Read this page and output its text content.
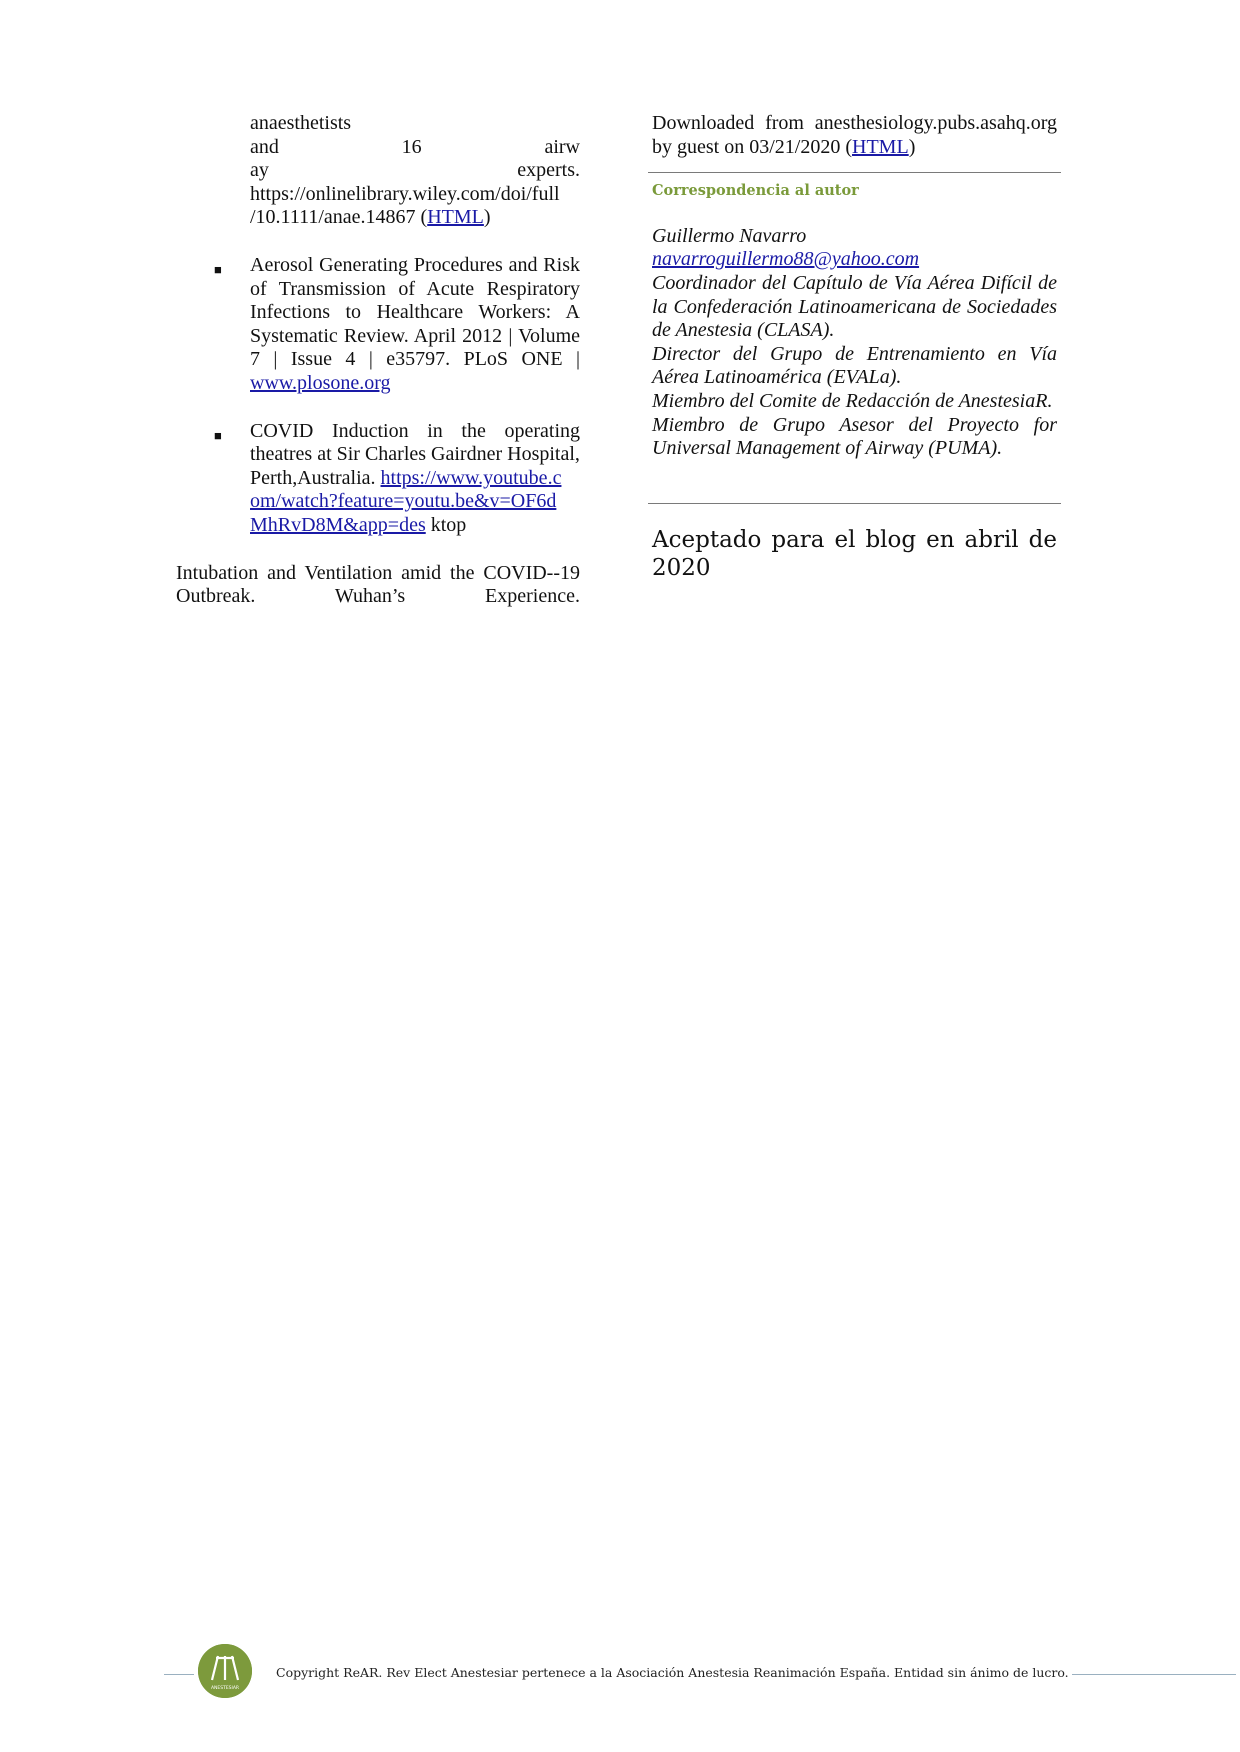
anaesthetists
and 16 airw
ay experts.
https://onlinelibrary.wiley.com/doi/full
/10.1111/anae.14867 (HTML)
■ Aerosol Generating Procedures and Risk of Transmission of Acute Respiratory Infections to Healthcare Workers: A Systematic Review. April 2012 | Volume 7 | Issue 4 | e35797. PLoS ONE | www.plosone.org
■ COVID Induction in the operating theatres at Sir Charles Gairdner Hospital,
Perth,Australia. https://www.youtube.c
om/watch?feature=youtu.be&v=OF6d
MhRvD8M&app=des ktop
Intubation and Ventilation amid the COVID--19 Outbreak. Wuhan’s Experience.
Downloaded from anesthesiology.pubs.asahq.org by guest on 03/21/2020 (HTML)
Correspondencia al autor
Guillermo Navarro
navarroguillermo88@yahoo.com
Coordinador del Capítulo de Vía Aérea Difícil de la Confederación Latinoamericana de Sociedades de Anestesia (CLASA).
Director del Grupo de Entrenamiento en Vía Aérea Latinoamérica (EVALa).
Miembro del Comite de Redacción de AnestesiaR.
Miembro de Grupo Asesor del Proyecto for Universal Management of Airway (PUMA).
Aceptado para el blog en abril de 2020
ANESTESIAR
Copyright ReAR. Rev Elect Anestesiar pertenece a la Asociación Anestesia Reanimación España. Entidad sin ánimo de lucro.
